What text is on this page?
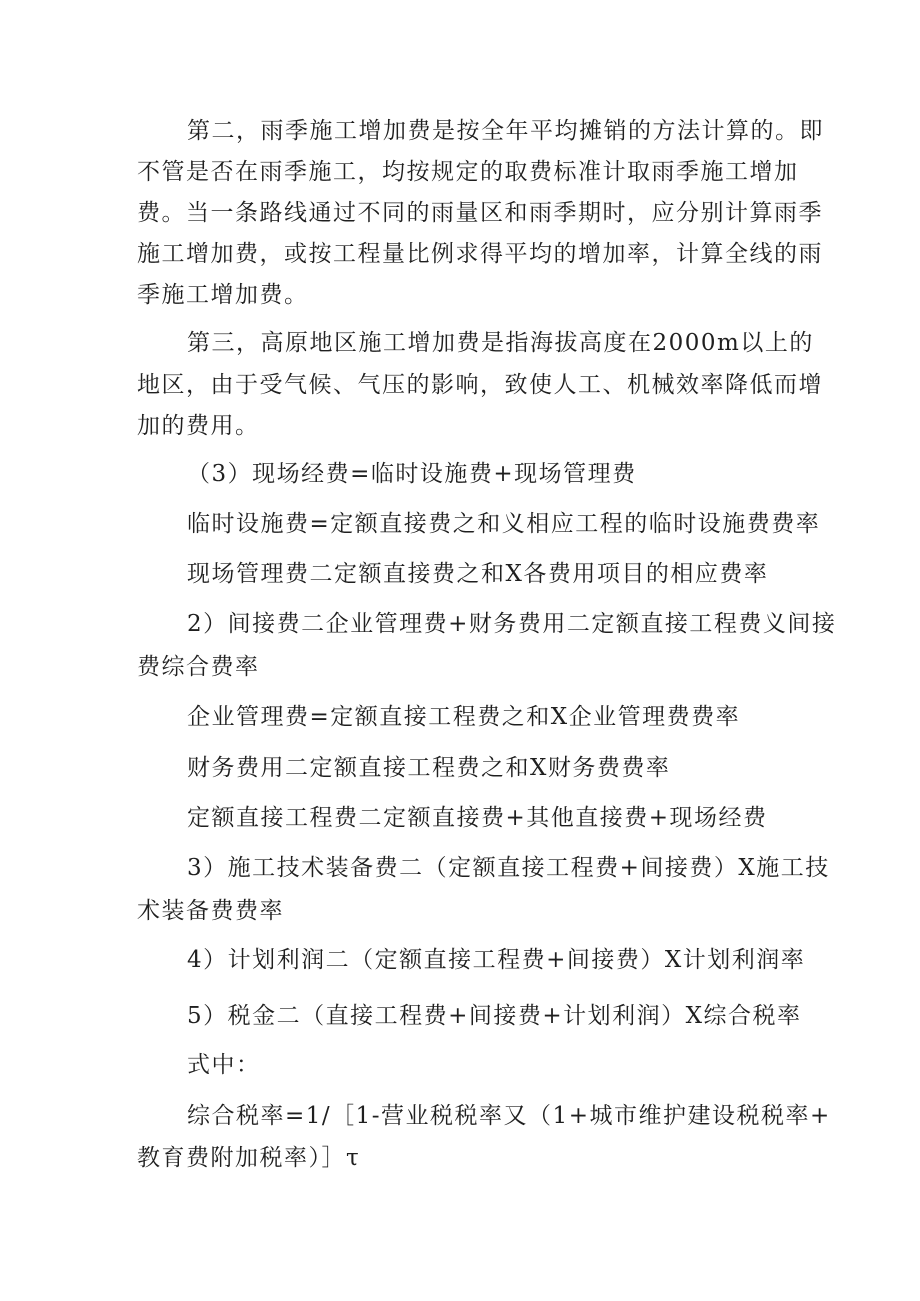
第二，雨季施工增加费是按全年平均摊销的方法计算的。即
不管是否在雨季施工，均按规定的取费标准计取雨季施工增加
费。当一条路线通过不同的雨量区和雨季期时，应分别计算雨季
施工增加费，或按工程量比例求得平均的增加率，计算全线的雨
季施工增加费。
第三，高原地区施工增加费是指海拔高度在2000m以上的
地区，由于受气候、气压的影响，致使人工、机械效率降低而增
加的费用。
（3）现场经费=临时设施费+现场管理费
临时设施费=定额直接费之和义相应工程的临时设施费费率
现场管理费二定额直接费之和X各费用项目的相应费率
2）间接费二企业管理费+财务费用二定额直接工程费义间接
费综合费率
企业管理费=定额直接工程费之和X企业管理费费率
财务费用二定额直接工程费之和X财务费费率
定额直接工程费二定额直接费+其他直接费+现场经费
3）施工技术装备费二（定额直接工程费+间接费）X施工技
术装备费费率
4）计划利润二（定额直接工程费+间接费）X计划利润率
5）税金二（直接工程费+间接费+计划利润）X综合税率
式中：
综合税率=1/［1-营业税税率又（1+城市维护建设税税率+
教育费附加税率）］τ
